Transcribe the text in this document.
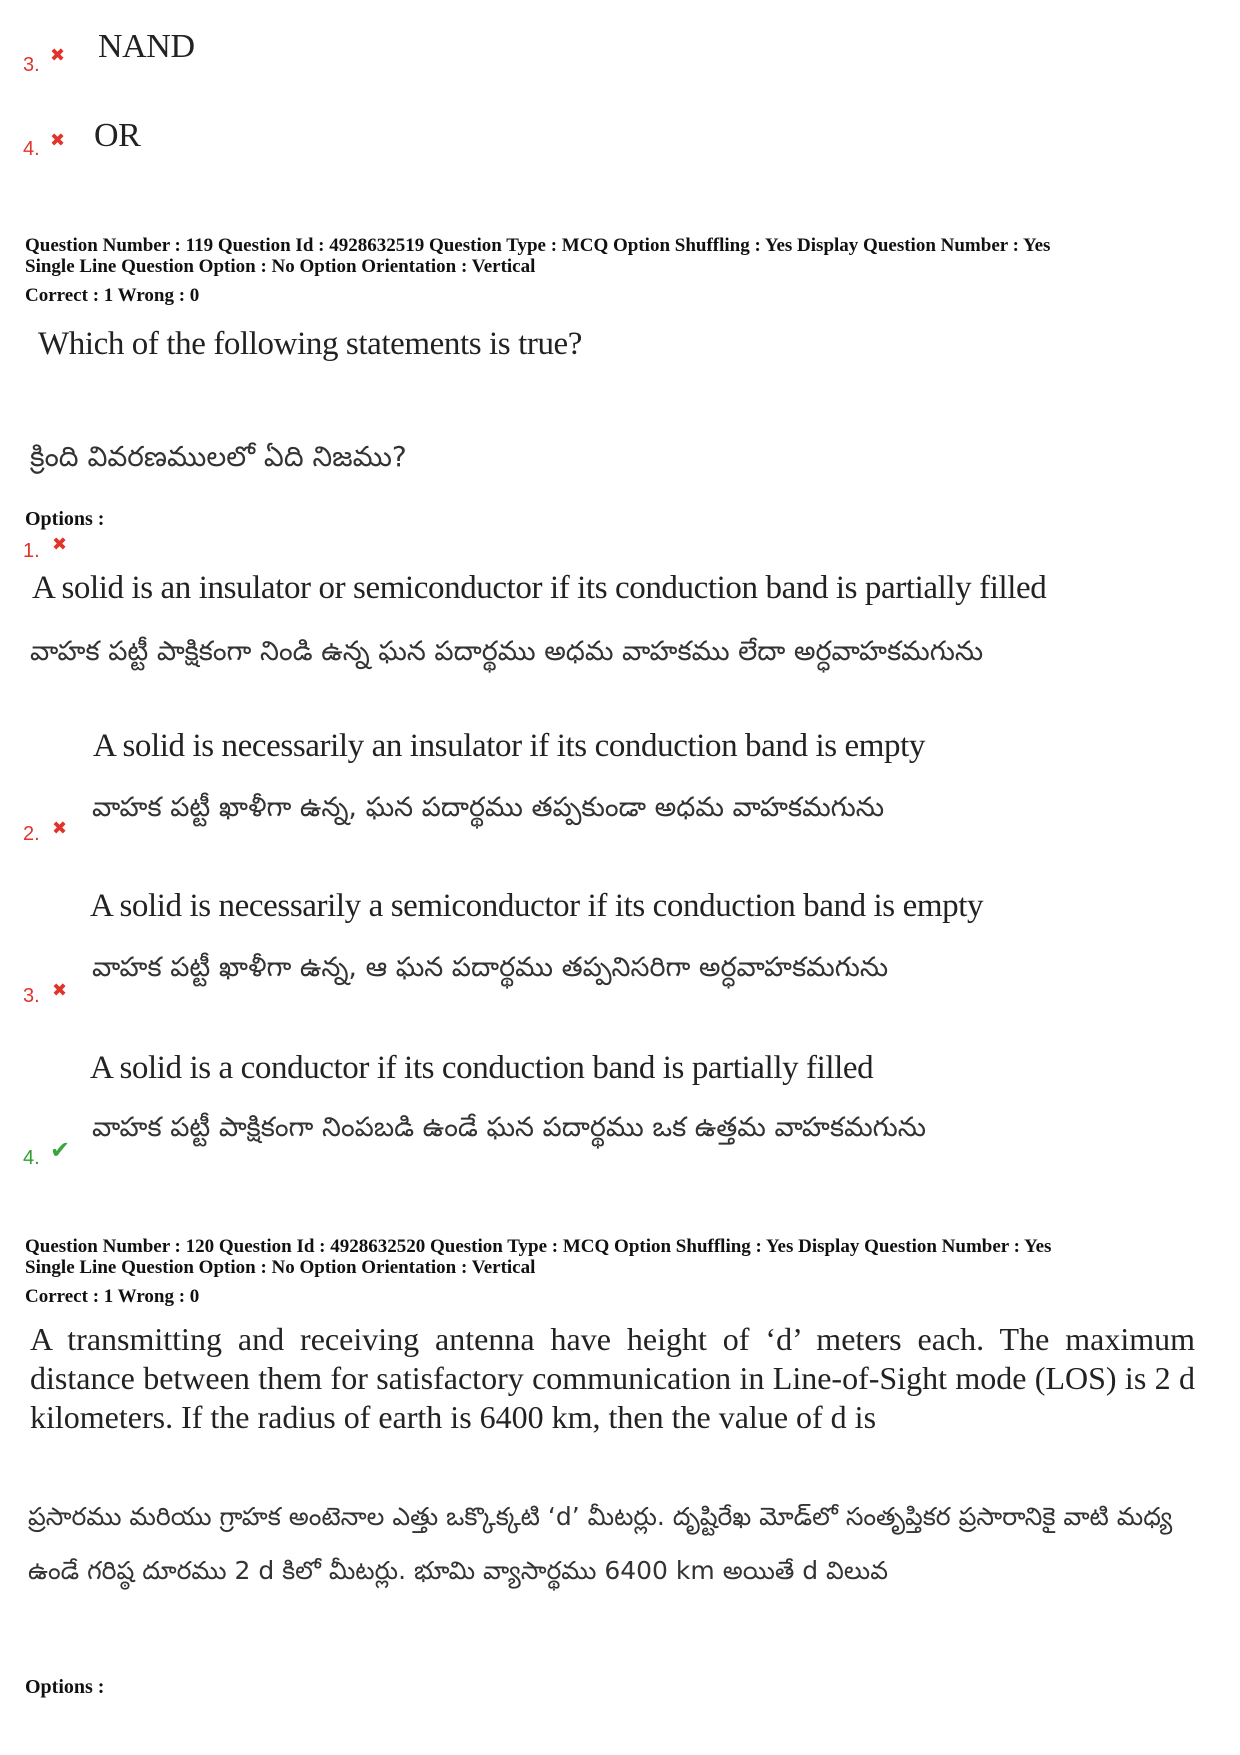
3. ✖ NAND
4. ✖ OR
Question Number : 119 Question Id : 4928632519 Question Type : MCQ Option Shuffling : Yes Display Question Number : Yes
Single Line Question Option : No Option Orientation : Vertical
Correct : 1 Wrong : 0
Which of the following statements is true?
క్రింది వివరణములలో ఏది నిజము?
Options :
1. ✖
A solid is an insulator or semiconductor if its conduction band is partially filled
వాహక పట్టీ పాక్షికంగా నిండి ఉన్న ఘన పదార్థము అధమ వాహకము లేదా అర్ధవాహకమగును
A solid is necessarily an insulator if its conduction band is empty
వాహక పట్టీ ఖాళీగా ఉన్న, ఘన పదార్థము తప్పకుండా అధమ వాహకమగును
2. ✖
A solid is necessarily a semiconductor if its conduction band is empty
వాహక పట్టీ ఖాళీగా ఉన్న, ఆ ఘన పదార్థము తప్పనిసరిగా అర్ధవాహకమగును
3. ✖
A solid is a conductor if its conduction band is partially filled
వాహక పట్టీ పాక్షికంగా నింపబడి ఉండే ఘన పదార్థము ఒక ఉత్తమ వాహకమగును
4. ✔
Question Number : 120 Question Id : 4928632520 Question Type : MCQ Option Shuffling : Yes Display Question Number : Yes
Single Line Question Option : No Option Orientation : Vertical
Correct : 1 Wrong : 0
A transmitting and receiving antenna have height of ‘d’ meters each. The maximum distance between them for satisfactory communication in Line-of-Sight mode (LOS) is 2 d kilometers. If the radius of earth is 6400 km, then the value of d is
ప్రసారము మరియు గ్రాహక అంటెనాల ఎత్తు ఒక్కొక్కటి ‘d’ మీటర్లు. దృష్టిరేఖ మోడ్‌లో సంతృప్తికర ప్రసారానికై వాటి మధ్య ఉండే గరిష్ఠ దూరము 2 d కిలో మీటర్లు. భూమి వ్యాసార్థము 6400 km అయితే d విలువ
Options :
